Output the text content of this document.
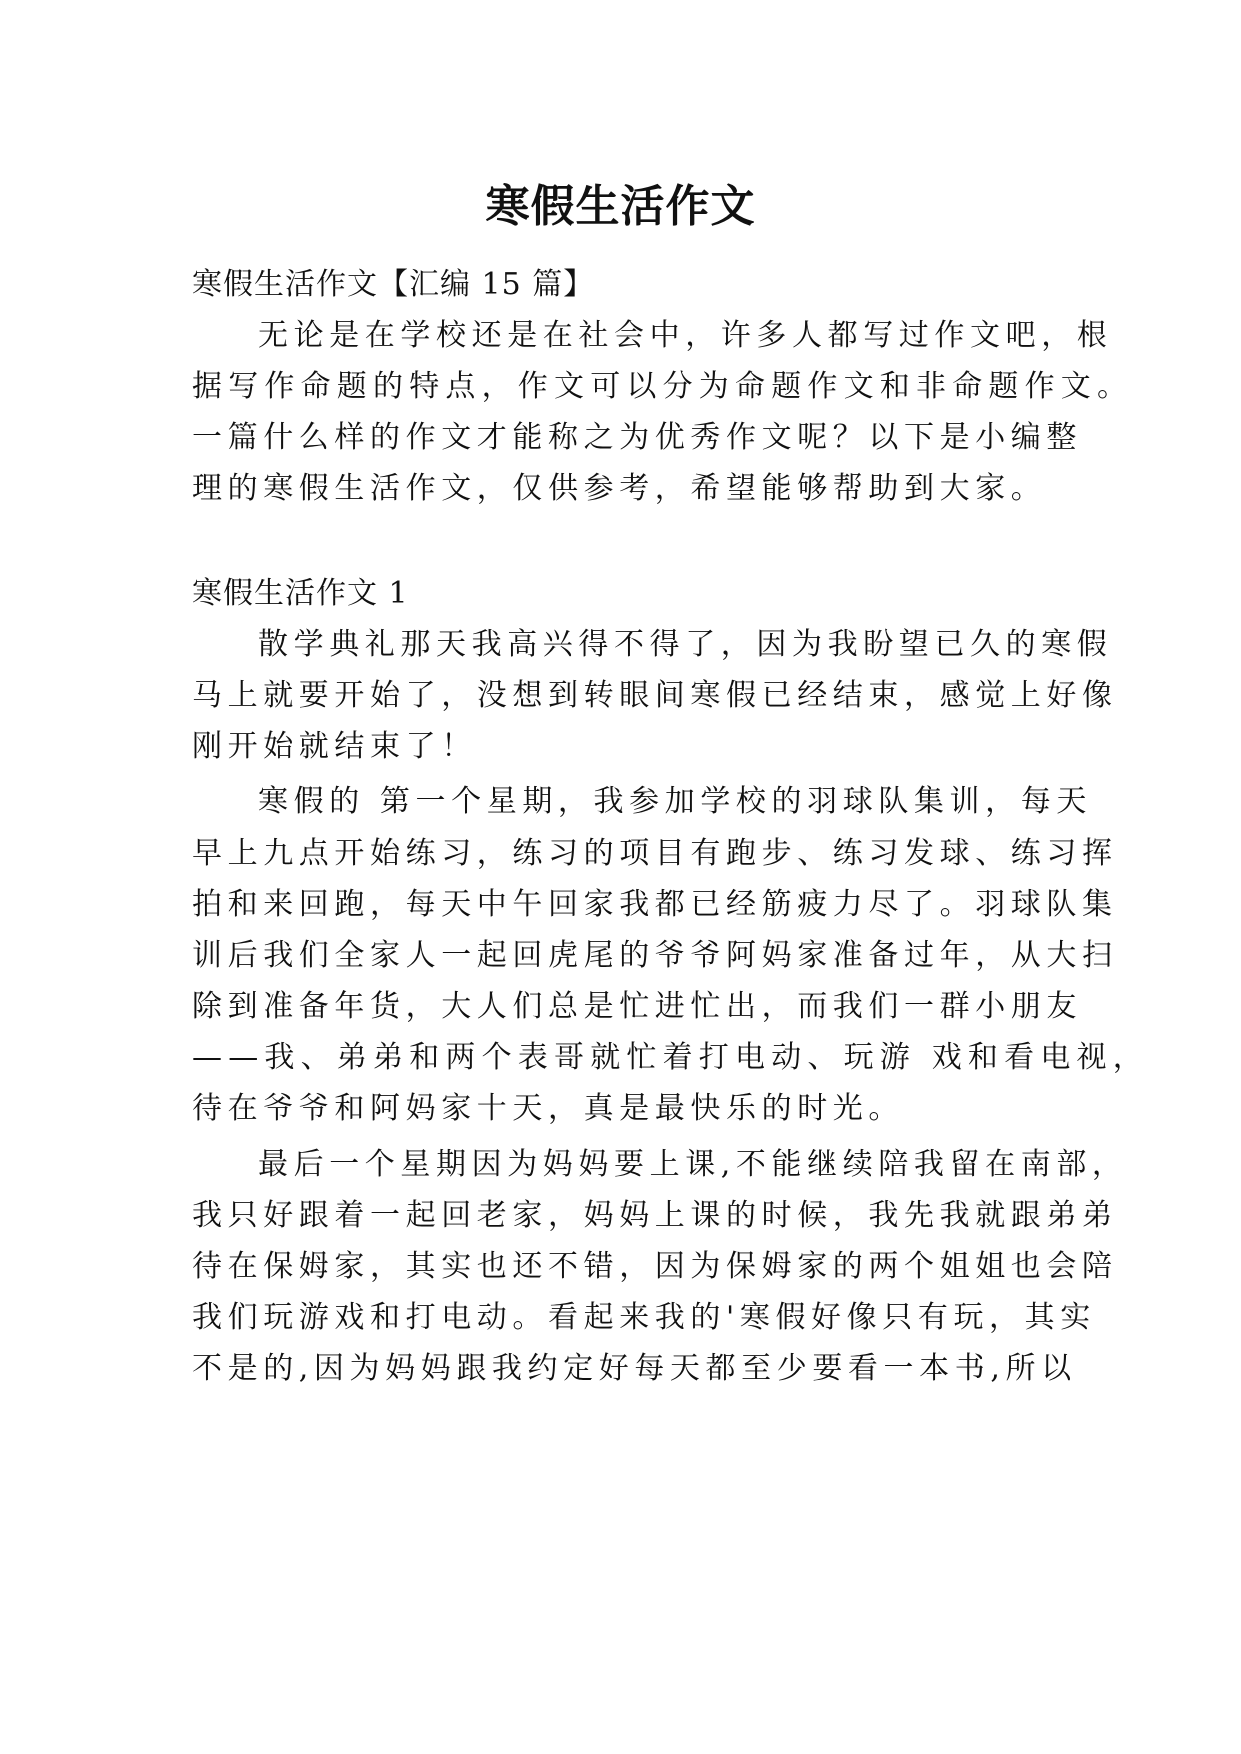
寒假生活作文

寒假生活作文【汇编 15 篇】

无论是在学校还是在社会中，许多人都写过作文吧，根

据写作命题的特点，作文可以分为命题作文和非命题作文。

一篇什么样的作文才能称之为优秀作文呢？以下是小编整

理的寒假生活作文，仅供参考，希望能够帮助到大家。

寒假生活作文 1

散学典礼那天我高兴得不得了，因为我盼望已久的寒假

马上就要开始了，没想到转眼间寒假已经结束，感觉上好像

刚开始就结束了！

寒假的 第一个星期，我参加学校的羽球队集训，每天

早上九点开始练习，练习的项目有跑步、练习发球、练习挥

拍和来回跑，每天中午回家我都已经筋疲力尽了。羽球队集

训后我们全家人一起回虎尾的爷爷阿妈家准备过年，从大扫

除到准备年货，大人们总是忙进忙出，而我们一群小朋友

——我、弟弟和两个表哥就忙着打电动、玩游 戏和看电视，

待在爷爷和阿妈家十天，真是最快乐的时光。

最后一个星期因为妈妈要上课,不能继续陪我留在南部，

我只好跟着一起回老家，妈妈上课的时候，我先我就跟弟弟

待在保姆家，其实也还不错，因为保姆家的两个姐姐也会陪

我们玩游戏和打电动。看起来我的'寒假好像只有玩，其实

不是的,因为妈妈跟我约定好每天都至少要看一本书,所以
